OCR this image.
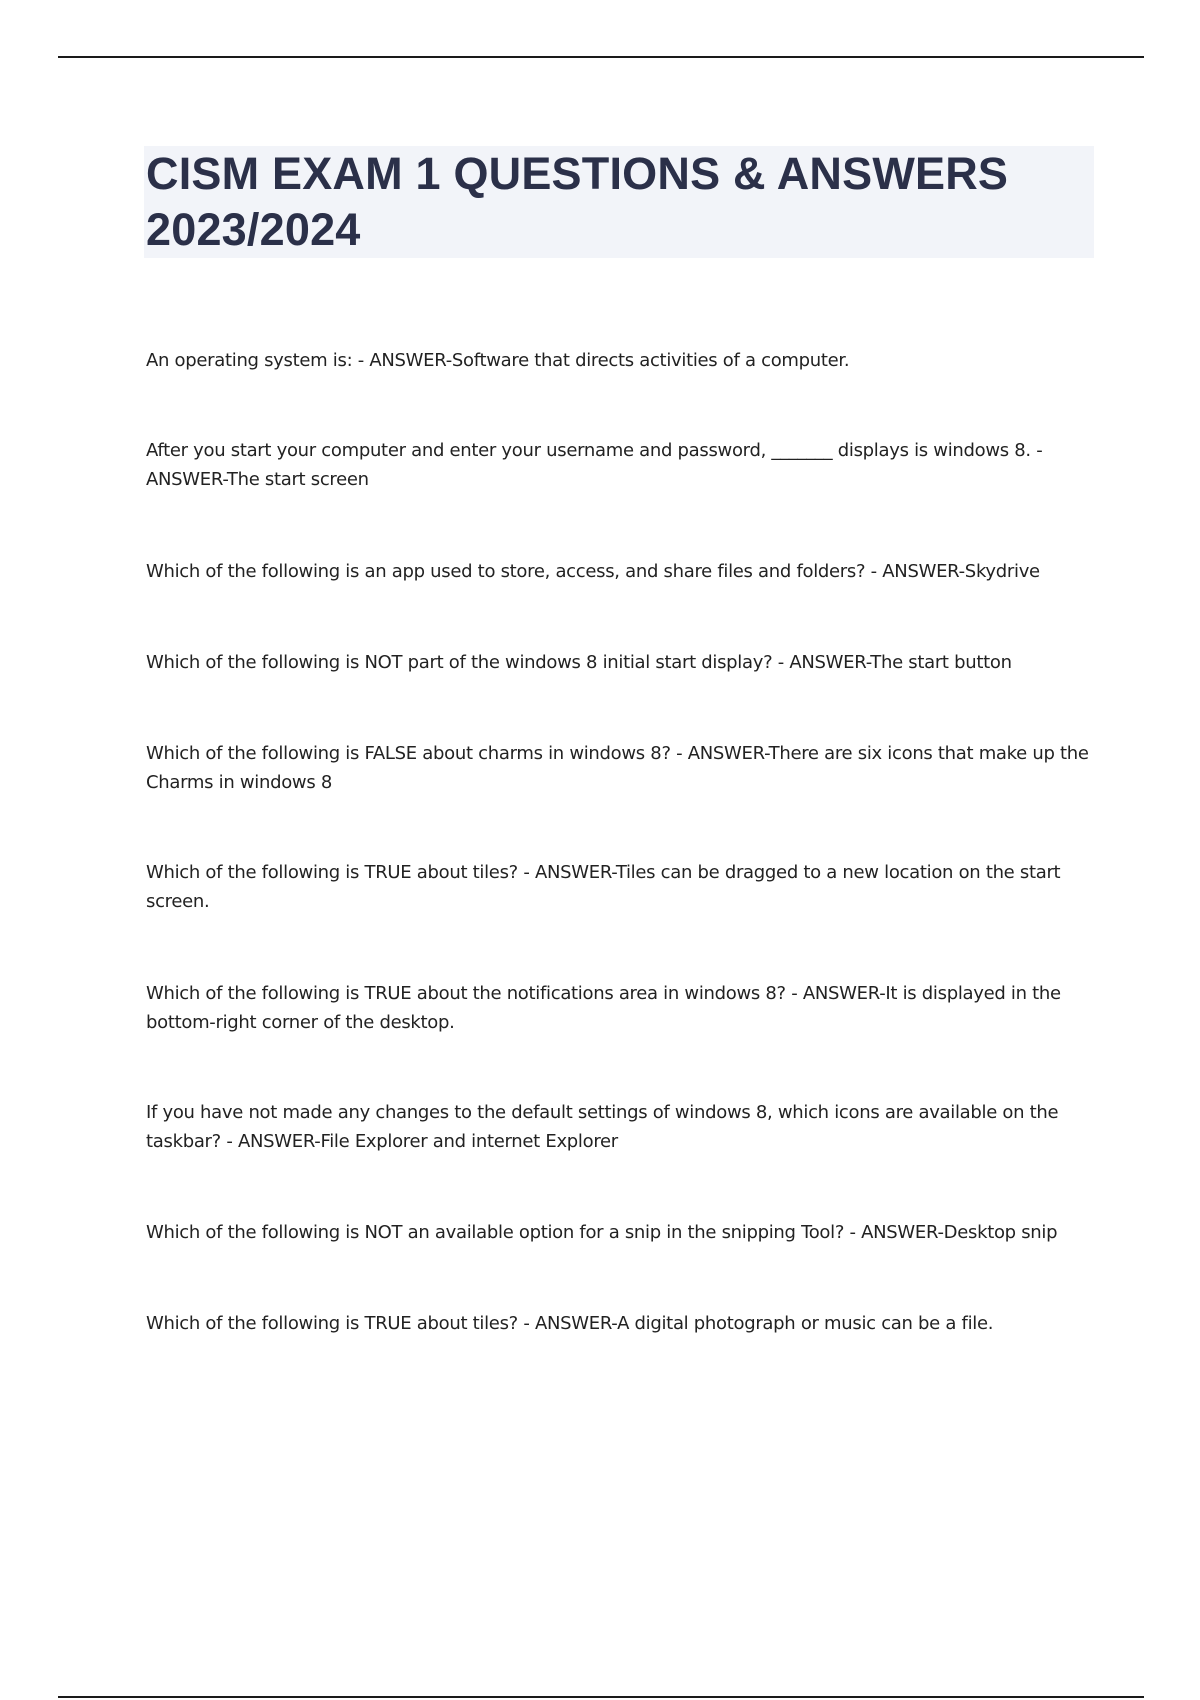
CISM EXAM 1 QUESTIONS & ANSWERS
2023/2024
An operating system is: - ANSWER-Software that directs activities of a computer.
After you start your computer and enter your username and password, _______ displays is windows 8. - ANSWER-The start screen
Which of the following is an app used to store, access, and share files and folders? - ANSWER-Skydrive
Which of the following is NOT part of the windows 8 initial start display? - ANSWER-The start button
Which of the following is FALSE about charms in windows 8? - ANSWER-There are six icons that make up the Charms in windows 8
Which of the following is TRUE about tiles? - ANSWER-Tiles can be dragged to a new location on the start screen.
Which of the following is TRUE about the notifications area in windows 8? - ANSWER-It is displayed in the bottom-right corner of the desktop.
If you have not made any changes to the default settings of windows 8, which icons are available on the taskbar? - ANSWER-File Explorer and internet Explorer
Which of the following is NOT an available option for a snip in the snipping Tool? - ANSWER-Desktop snip
Which of the following is TRUE about tiles? - ANSWER-A digital photograph or music can be a file.
